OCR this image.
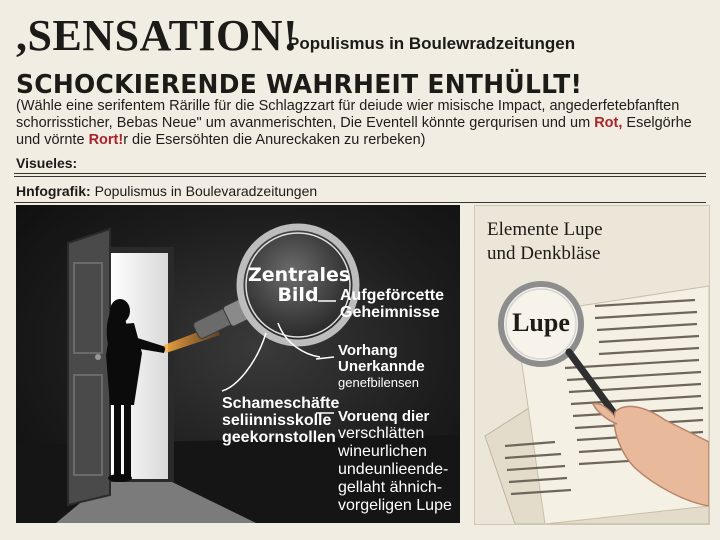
,SENSATION!
Populismus in Boulewradzeitungen
SCHOCKIERENDE WAHRHEIT ENTHÜLLT!
(Wähle eine serifentem Rärille für die Schlagzzart für deiude wier misische Impact, angederfetebfanften schorrissticher, Bebas Neue" um avanmerischten, Die Eventell könnte gerqurisen und um Rot, Eselgörhe und vörnte Rort!r die Esersöhten die Anureckaken zu rerbeken)
Visueles:
Hnfografik: Populismus in Boulevaradzeitungen
Zentrales Bild	Aufgeförcette
Geheimnisse
Vorhang
Unerkannde
genefbilensen
Schameschäfte
seliinnisskolle
geekornstollen
Voruenq dier
verschlätten
wineurlichen
undeunlieende-
gellaht ähnich-
vorgeligen Lupe
Elemente Lupe
und Denkbläse
Lupe
